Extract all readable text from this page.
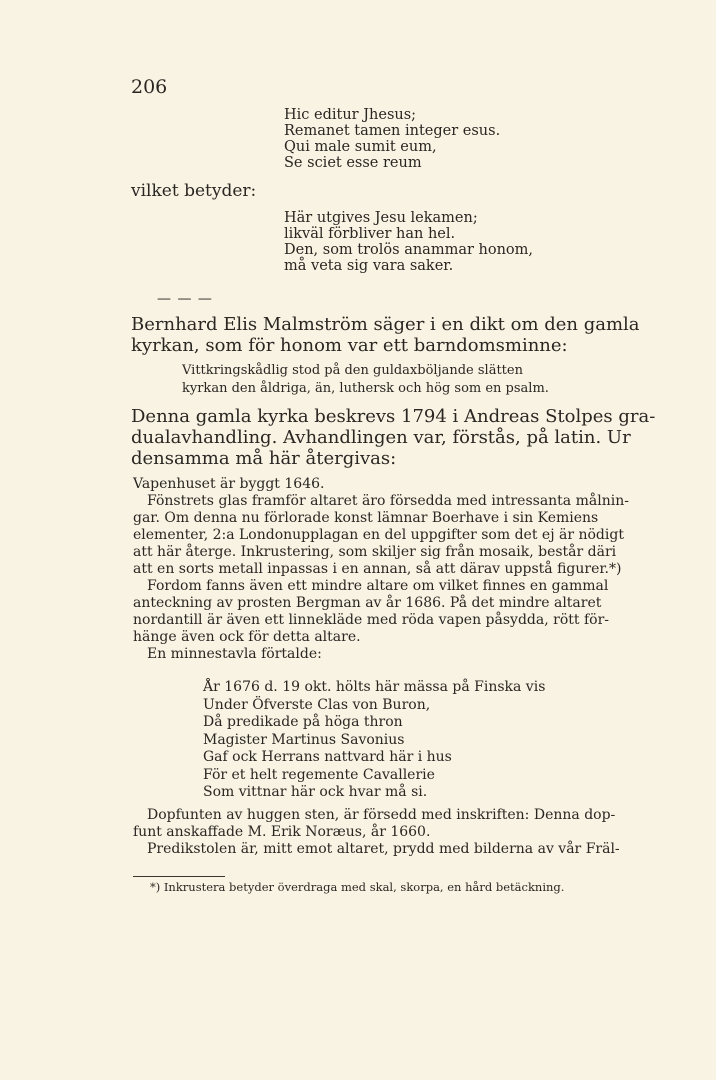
206
Hic editur Jhesus;
Remanet tamen integer esus.
Qui male sumit eum,
Se sciet esse reum
vilket betyder:
Här utgives Jesu lekamen;
likväl förbliver han hel.
Den, som trolös anammar honom,
må veta sig vara saker.
— — —
Bernhard Elis Malmström säger i en dikt om den gamla
kyrkan, som för honom var ett barndomsminne:
Vittkringskådlig stod på den guldaxböljande slätten
kyrkan den åldriga, än, luthersk och hög som en psalm.
Denna gamla kyrka beskrevs 1794 i Andreas Stolpes gra-
dualavhandling. Avhandlingen var, förstås, på latin. Ur
densamma må här återgivas:
Vapenhuset är byggt 1646.
Fönstrets glas framför altaret äro försedda med intressanta målnin-
gar. Om denna nu förlorade konst lämnar Boerhave i sin Kemiens
elementer, 2:a Londonupplagan en del uppgifter som det ej är nödigt
att här återge. Inkrustering, som skiljer sig från mosaik, består däri
att en sorts metall inpassas i en annan, så att därav uppstå figurer.*)
Fordom fanns även ett mindre altare om vilket finnes en gammal
anteckning av prosten Bergman av år 1686. På det mindre altaret
nordantill är även ett linnekläde med röda vapen påsydda, rött för-
hänge även ock för detta altare.
En minnestavla förtalde:
År 1676 d. 19 okt. hölts här mässa på Finska vis
Under Öfverste Clas von Buron,
Då predikade på höga thron
Magister Martinus Savonius
Gaf ock Herrans nattvard här i hus
För et helt regemente Cavallerie
Som vittnar här ock hvar må si.
Dopfunten av huggen sten, är försedd med inskriften: Denna dop-
funt anskaffade M. Erik Noræus, år 1660.
Predikstolen är, mitt emot altaret, prydd med bilderna av vår Fräl-
*) Inkrustera betyder överdraga med skal, skorpa, en hård betäckning.
